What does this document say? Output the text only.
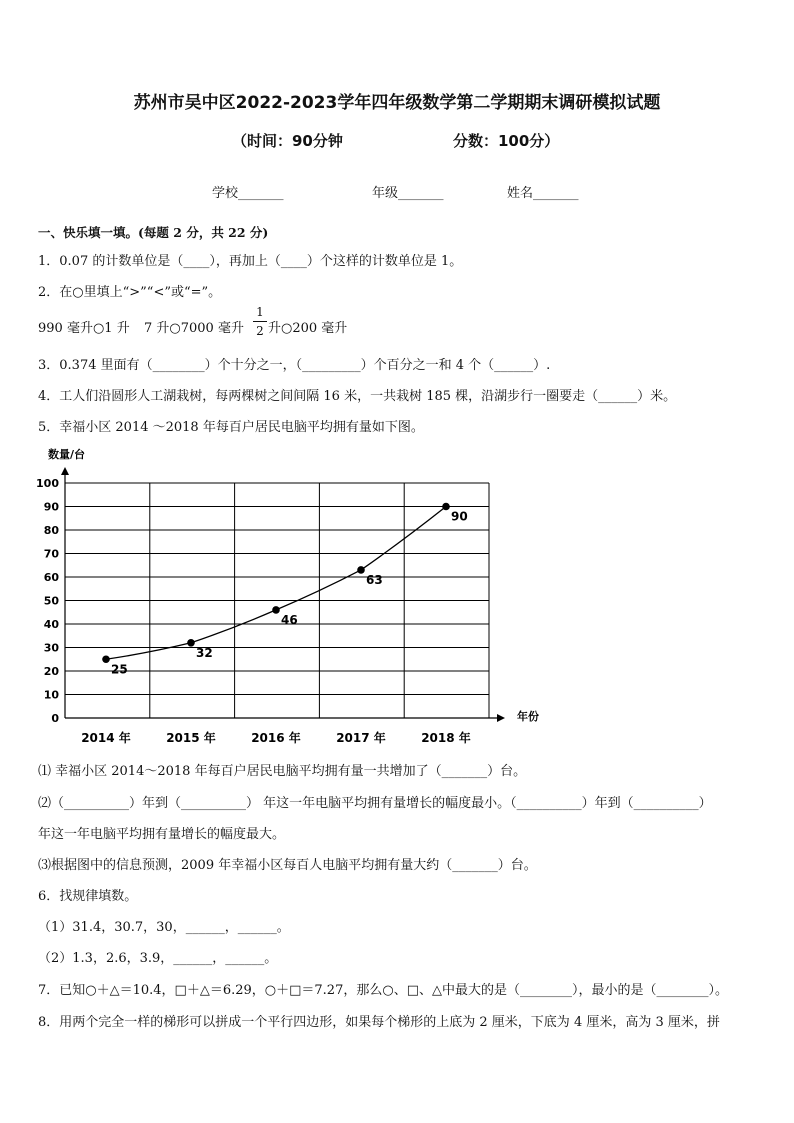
苏州市吴中区2022-2023学年四年级数学第二学期期末调研模拟试题
（时间：90分钟	分数：100分）
学校_______	年级_______	姓名_______
一、快乐填一填。(每题 2 分，共 22 分)
1．0.07 的计数单位是（____），再加上（____）个这样的计数单位是 1。
2．在○里填上“>”“<”或“=”。
990 毫升○1 升 7 升○7000 毫升
1
2 升○200 毫升
3．0.374 里面有（________）个十分之一，（_________）个百分之一和 4 个（______）.
4．工人们沿圆形人工湖栽树，每两棵树之间间隔 16 米，一共栽树 185 棵，沿湖步行一圈要走（______）米。
5．幸福小区 2014 ～2018 年每百户居民电脑平均拥有量如下图。
0
10
20
30
40
50
60
70
80
90
100
数量/台
年份
2014 年	2015 年	2016 年	2017 年	2018 年
25
32
46
63
90
⑴ 幸福小区 2014～2018 年每百户居民电脑平均拥有量一共增加了（_______）台。
⑵（__________）年到（__________） 年这一年电脑平均拥有量增长的幅度最小。（__________）年到（__________）
年这一年电脑平均拥有量增长的幅度最大。
⑶根据图中的信息预测，2009 年幸福小区每百人电脑平均拥有量大约（_______）台。
6．找规律填数。
（1）31.4，30.7，30，______，______。
（2）1.3，2.6，3.9，______，______。
7．已知○＋△＝10.4，□＋△＝6.29，○＋□＝7.27，那么○、□、△中最大的是（________），最小的是（________）。
8．用两个完全一样的梯形可以拼成一个平行四边形，如果每个梯形的上底为 2 厘米，下底为 4 厘米，高为 3 厘米，拼
